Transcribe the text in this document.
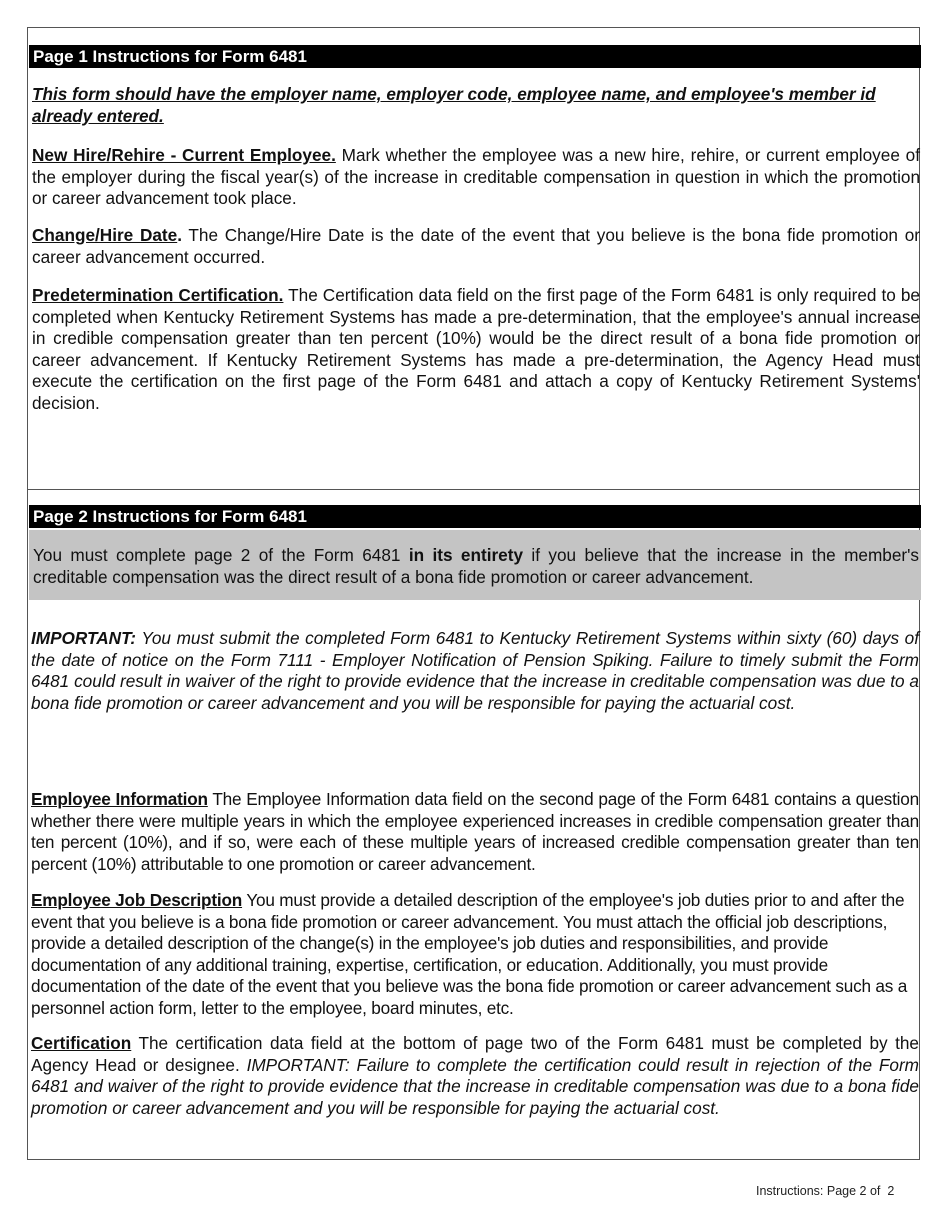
Page 1 Instructions for Form 6481

This form should have the employer name, employer code, employee name, and employee's member id already entered.

New Hire/Rehire - Current Employee. Mark whether the employee was a new hire, rehire, or current employee of the employer during the fiscal year(s) of the increase in creditable compensation in question in which the promotion or career advancement took place.

Change/Hire Date. The Change/Hire Date is the date of the event that you believe is the bona fide promotion or career advancement occurred.

Predetermination Certification. The Certification data field on the first page of the Form 6481 is only required to be completed when Kentucky Retirement Systems has made a pre-determination, that the employee's annual increase in credible compensation greater than ten percent (10%) would be the direct result of a bona fide promotion or career advancement. If Kentucky Retirement Systems has made a pre-determination, the Agency Head must execute the certification on the first page of the Form 6481 and attach a copy of Kentucky Retirement Systems' decision.

Page 2 Instructions for Form 6481

You must complete page 2 of the Form 6481 in its entirety if you believe that the increase in the member's creditable compensation was the direct result of a bona fide promotion or career advancement.

IMPORTANT: You must submit the completed Form 6481 to Kentucky Retirement Systems within sixty (60) days of the date of notice on the Form 7111 - Employer Notification of Pension Spiking. Failure to timely submit the Form 6481 could result in waiver of the right to provide evidence that the increase in creditable compensation was due to a bona fide promotion or career advancement and you will be responsible for paying the actuarial cost.

Employee Information The Employee Information data field on the second page of the Form 6481 contains a question whether there were multiple years in which the employee experienced increases in credible compensation greater than ten percent (10%), and if so, were each of these multiple years of increased credible compensation greater than ten percent (10%) attributable to one promotion or career advancement.

Employee Job Description You must provide a detailed description of the employee's job duties prior to and after the event that you believe is a bona fide promotion or career advancement. You must attach the official job descriptions, provide a detailed description of the change(s) in the employee's job duties and responsibilities, and provide documentation of any additional training, expertise, certification, or education. Additionally, you must provide documentation of the date of the event that you believe was the bona fide promotion or career advancement such as a personnel action form, letter to the employee, board minutes, etc.

Certification The certification data field at the bottom of page two of the Form 6481 must be completed by the Agency Head or designee. IMPORTANT: Failure to complete the certification could result in rejection of the Form 6481 and waiver of the right to provide evidence that the increase in creditable compensation was due to a bona fide promotion or career advancement and you will be responsible for paying the actuarial cost.

Instructions: Page 2 of  2
